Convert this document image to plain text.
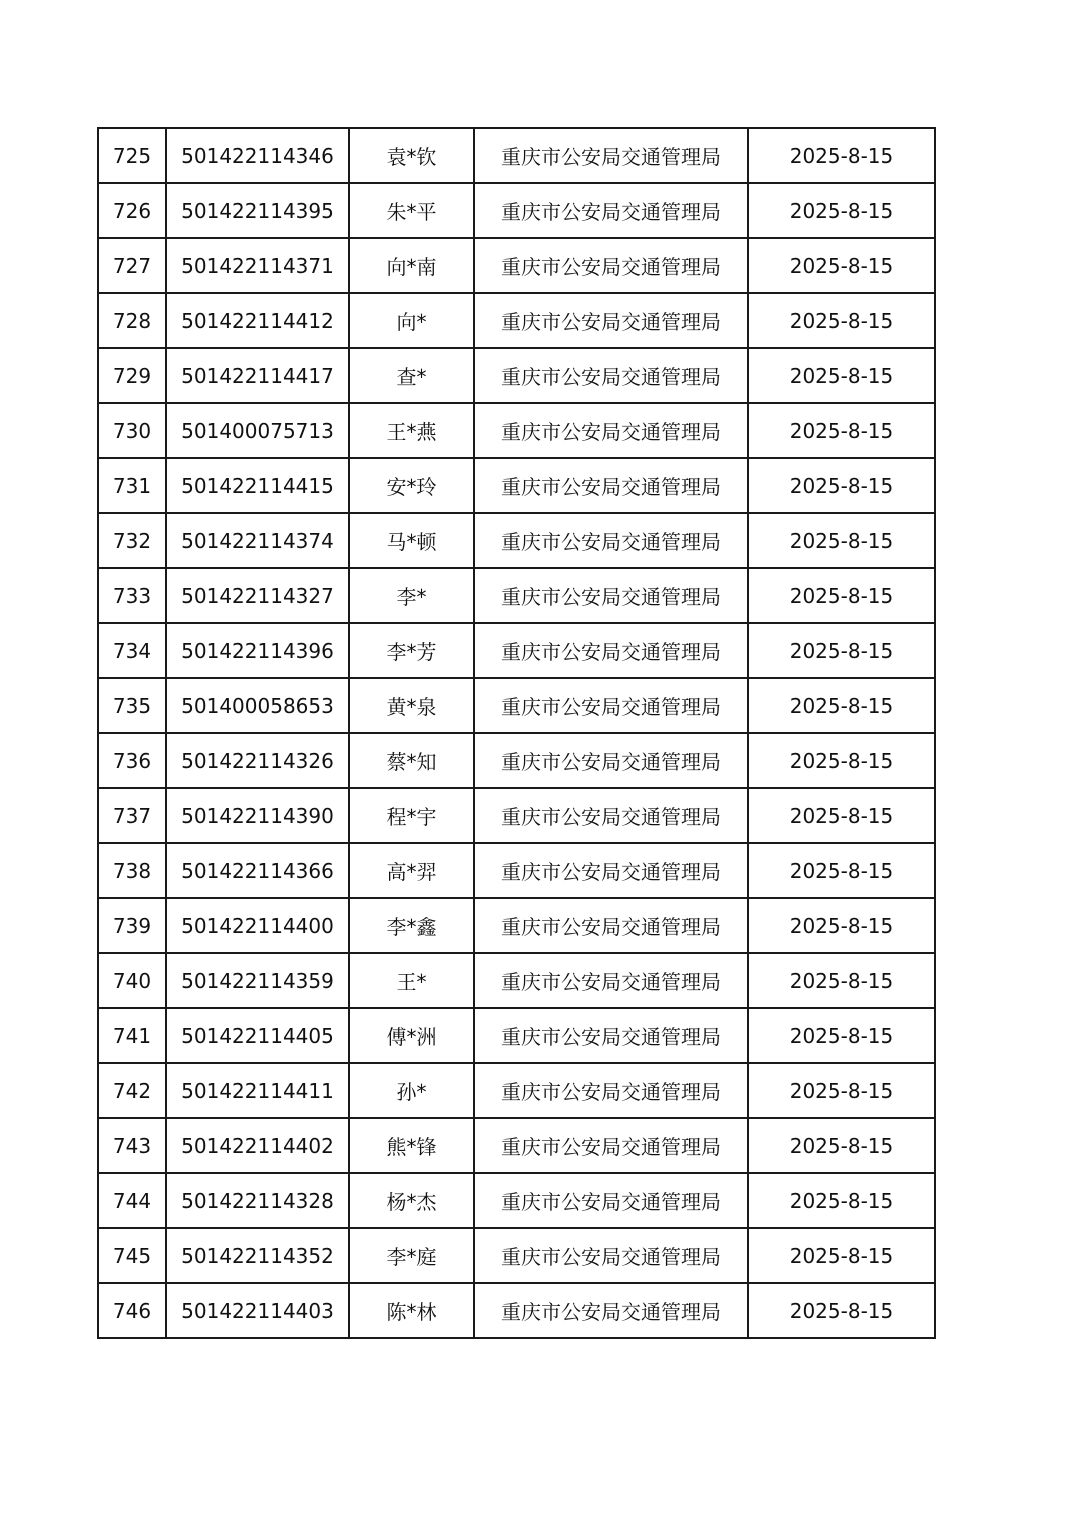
725	501422114346	袁*钦	重庆市公安局交通管理局	2025-8-15
726	501422114395	朱*平	重庆市公安局交通管理局	2025-8-15
727	501422114371	向*南	重庆市公安局交通管理局	2025-8-15
728	501422114412	向*	重庆市公安局交通管理局	2025-8-15
729	501422114417	查*	重庆市公安局交通管理局	2025-8-15
730	501400075713	王*燕	重庆市公安局交通管理局	2025-8-15
731	501422114415	安*玲	重庆市公安局交通管理局	2025-8-15
732	501422114374	马*顿	重庆市公安局交通管理局	2025-8-15
733	501422114327	李*	重庆市公安局交通管理局	2025-8-15
734	501422114396	李*芳	重庆市公安局交通管理局	2025-8-15
735	501400058653	黄*泉	重庆市公安局交通管理局	2025-8-15
736	501422114326	蔡*知	重庆市公安局交通管理局	2025-8-15
737	501422114390	程*宇	重庆市公安局交通管理局	2025-8-15
738	501422114366	高*羿	重庆市公安局交通管理局	2025-8-15
739	501422114400	李*鑫	重庆市公安局交通管理局	2025-8-15
740	501422114359	王*	重庆市公安局交通管理局	2025-8-15
741	501422114405	傅*洲	重庆市公安局交通管理局	2025-8-15
742	501422114411	孙*	重庆市公安局交通管理局	2025-8-15
743	501422114402	熊*锋	重庆市公安局交通管理局	2025-8-15
744	501422114328	杨*杰	重庆市公安局交通管理局	2025-8-15
745	501422114352	李*庭	重庆市公安局交通管理局	2025-8-15
746	501422114403	陈*林	重庆市公安局交通管理局	2025-8-15
